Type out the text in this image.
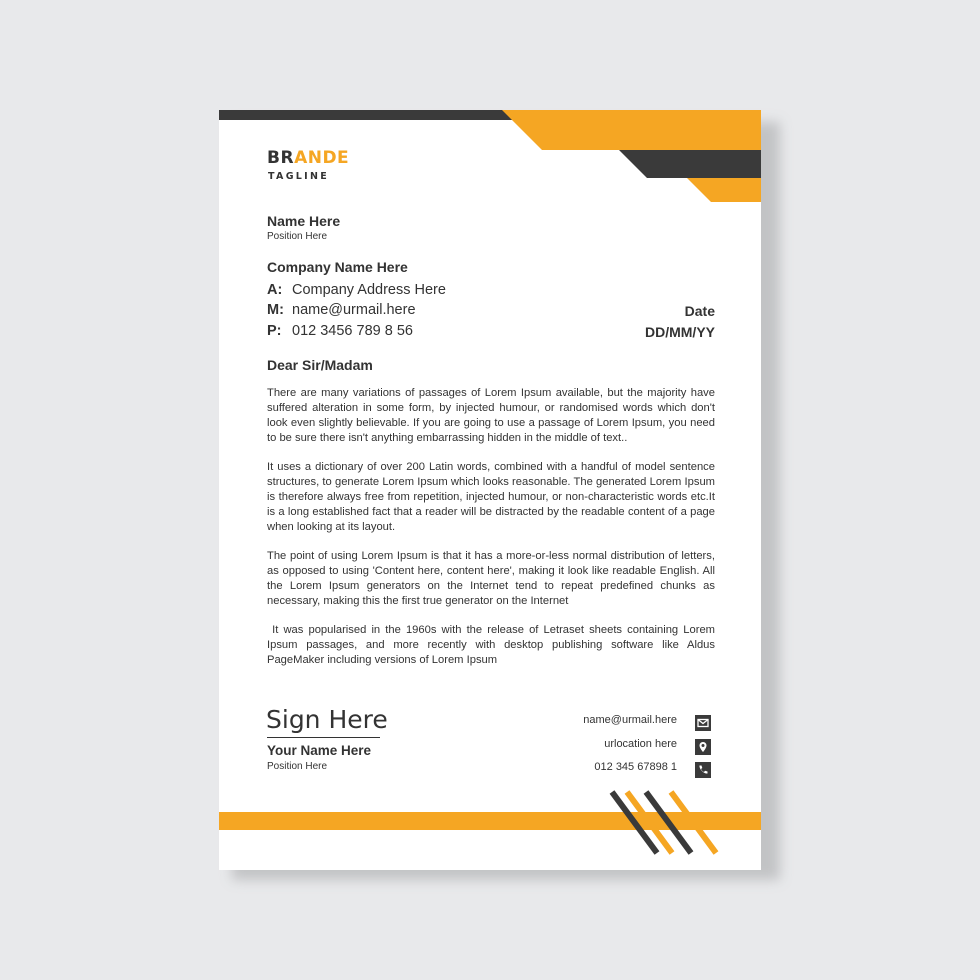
BRANDE
TAGLINE
Name Here
Position Here
Company Name Here
A: Company Address Here
M: name@urmail.here
P: 012 3456 789 8 56
Date
DD/MM/YY
Dear Sir/Madam

There are many variations of passages of Lorem Ipsum available, but the majority have suffered alteration in some form, by injected humour, or randomised words which don't look even slightly believable. If you are going to use a passage of Lorem Ipsum, you need to be sure there isn't anything embarrassing hidden in the middle of text..

It uses a dictionary of over 200 Latin words, combined with a handful of model sentence structures, to generate Lorem Ipsum which looks reasonable. The generated Lorem Ipsum is therefore always free from repetition, injected humour, or non-characteristic words etc.It is a long established fact that a reader will be distracted by the readable content of a page when looking at its layout.

The point of using Lorem Ipsum is that it has a more-or-less normal distribution of letters, as opposed to using 'Content here, content here', making it look like readable English. All the Lorem Ipsum generators on the Internet tend to repeat predefined chunks as necessary, making this the first true generator on the Internet

It was popularised in the 1960s with the release of Letraset sheets containing Lorem Ipsum passages, and more recently with desktop publishing software like Aldus PageMaker including versions of Lorem Ipsum

Sign Here
Your Name Here
Position Here
name@urmail.here
urlocation here
012 345 67898 1
